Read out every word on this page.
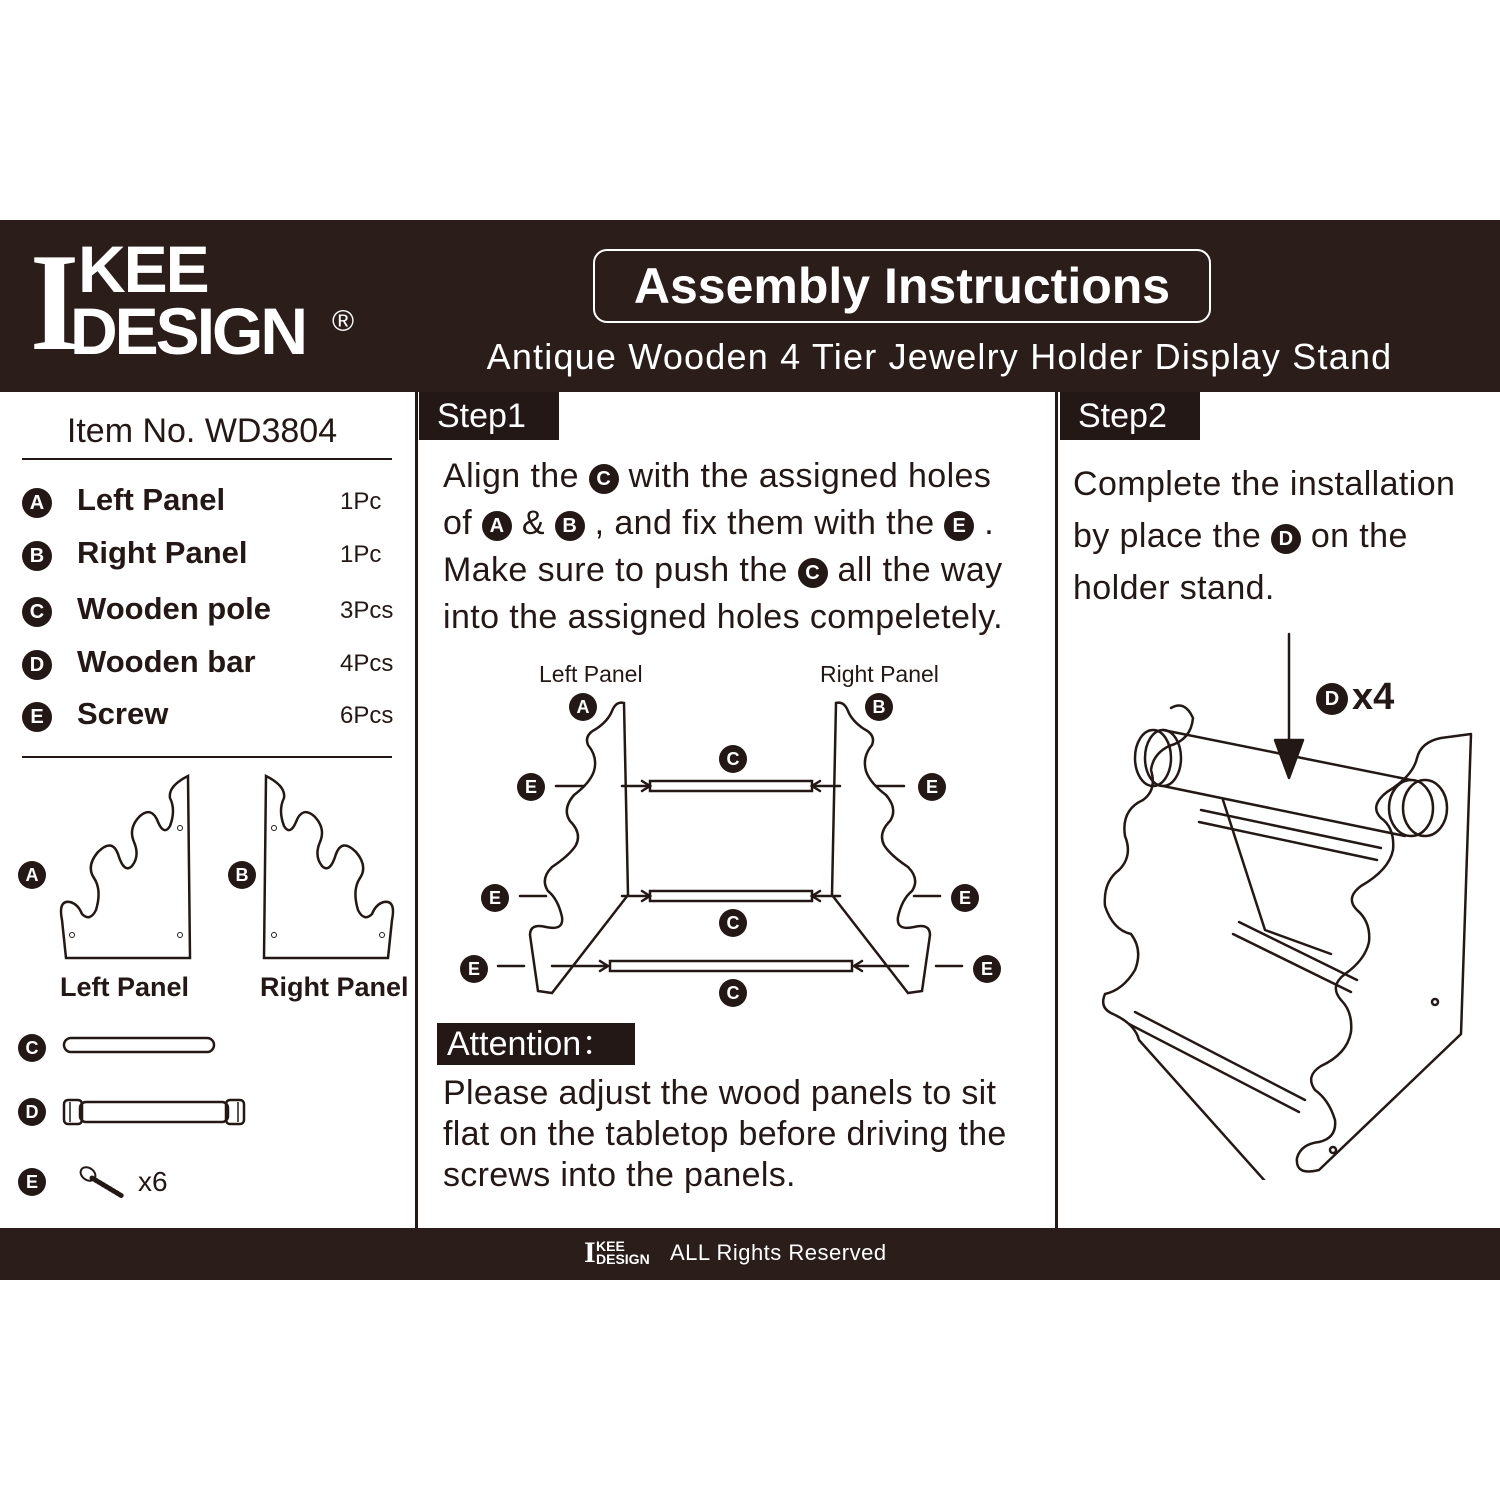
I
KEE
DESIGN ®
Assembly Instructions
Antique Wooden 4 Tier Jewelry Holder Display Stand
Item No. WD3804
A Left Panel	1Pc
B Right Panel	1Pc
C Wooden pole	3Pcs
D Wooden bar	4Pcs
E Screw	6Pcs
A
Left Panel
B
Right Panel
C
D
E	x6
Step1
Align the C with the assigned holes
of A & B , and fix them with the E .
Make sure to push the C all the way
into the assigned holes compeletely.
Left Panel	Right Panel
A	B
C
C
C
E	E
E	E
E	E
Attention：
Please adjust the wood panels to sit flat on the tabletop before driving the screws into the panels.
Step2
Complete the installation
by place the D on the
holder stand.
D x4
I KEE
DESIGN ALL Rights Reserved
